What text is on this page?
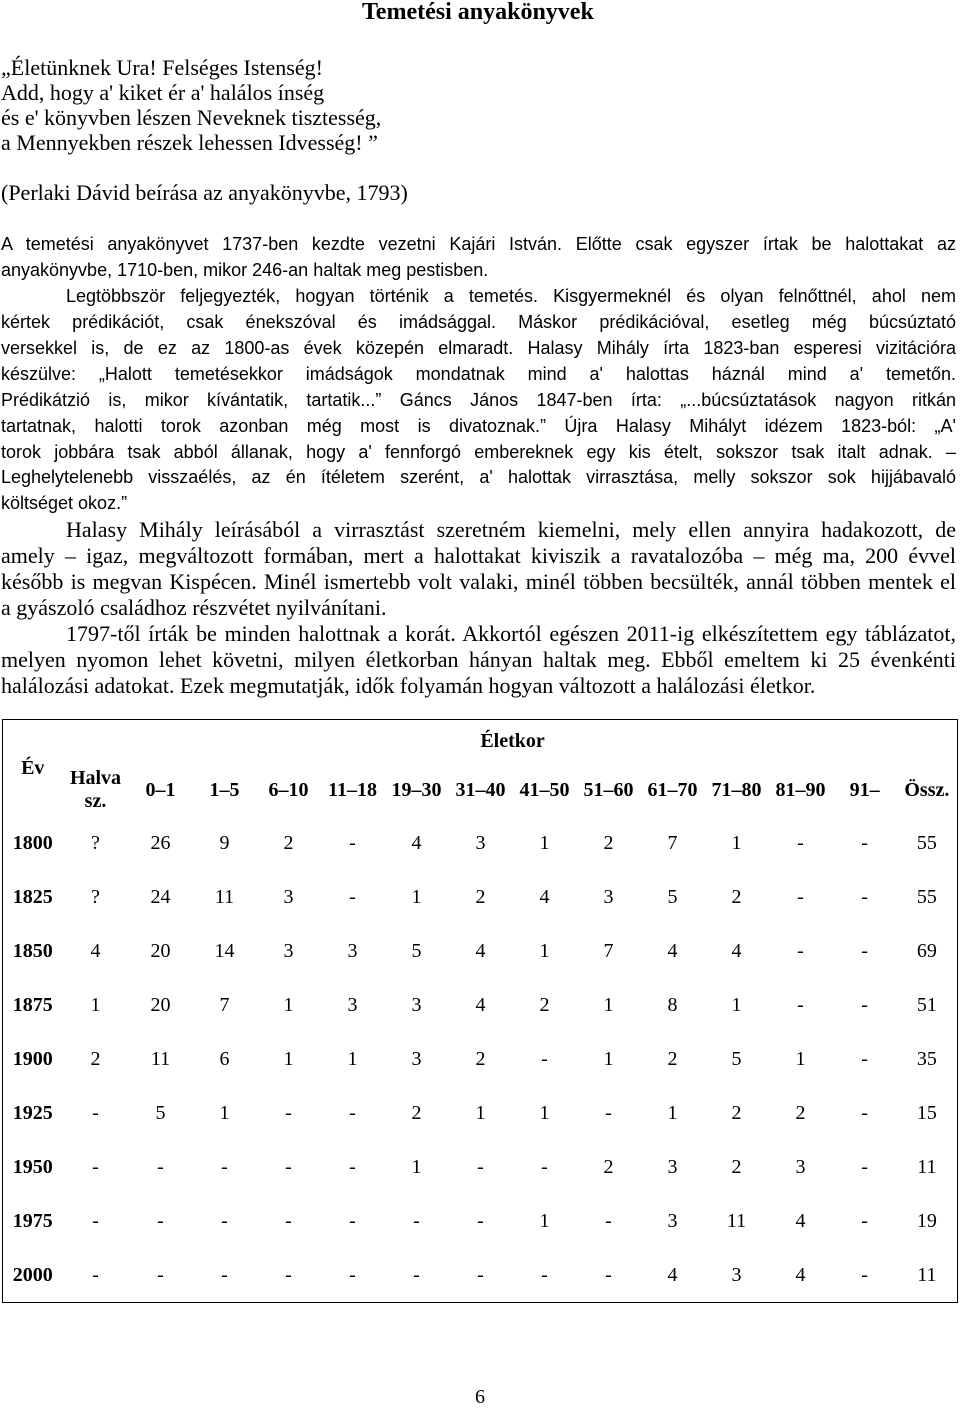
Temetési anyakönyvek
„Életünknek Ura! Felséges Istenség!
Add, hogy a' kiket ér a' halálos ínség
és e' könyvben lészen Neveknek tisztesség,
a Mennyekben részek lehessen Idvesség! ”
(Perlaki Dávid beírása az anyakönyvbe, 1793)
A temetési anyakönyvet 1737-ben kezdte vezetni Kajári István. Előtte csak egyszer írtak be halottakat az
anyakönyvbe, 1710-ben, mikor 246-an haltak meg pestisben.
Legtöbbször feljegyezték, hogyan történik a temetés. Kisgyermeknél és olyan felnőttnél, ahol nem
kértek prédikációt, csak énekszóval és imádsággal. Máskor prédikációval, esetleg még búcsúztató
versekkel is, de ez az 1800-as évek közepén elmaradt. Halasy Mihály írta 1823-ban esperesi vizitációra
készülve: „Halott temetésekkor imádságok mondatnak mind a' halottas háznál mind a' temetőn.
Prédikátzió is, mikor kívántatik, tartatik...” Gáncs János 1847-ben írta: „...búcsúztatások nagyon ritkán
tartatnak, halotti torok azonban még most is divatoznak.” Újra Halasy Mihályt idézem 1823-ból: „A'
torok jobbára tsak abból állanak, hogy a' fennforgó embereknek egy kis ételt, sokszor tsak italt adnak. –
Leghelytelenebb visszaélés, az én ítéletem szerént, a' halottak virrasztása, melly sokszor sok hijjábavaló
költséget okoz.”
Halasy Mihály leírásából a virrasztást szeretném kiemelni, mely ellen annyira hadakozott, de
amely – igaz, megváltozott formában, mert a halottakat kiviszik a ravatalozóba – még ma, 200 évvel
később is megvan Kispécen. Minél ismertebb volt valaki, minél többen becsülték, annál többen mentek el
a gyászoló családhoz részvétet nyilvánítani.
1797-től írták be minden halottnak a korát. Akkortól egészen 2011-ig elkészítettem egy táblázatot,
melyen nyomon lehet követni, milyen életkorban hányan haltak meg. Ebből emeltem ki 25 évenkénti
halálozási adatokat. Ezek megmutatják, idők folyamán hogyan változott a halálozási életkor.
Év		Életkor												
	Halva sz.	0–1	1–5	6–10	11–18	19–30	31–40	41–50	51–60	61–70	71–80	81–90	91–	Össz.
1800	?	26	9	2	-	4	3	1	2	7	1	-	-	55
1825	?	24	11	3	-	1	2	4	3	5	2	-	-	55
1850	4	20	14	3	3	5	4	1	7	4	4	-	-	69
1875	1	20	7	1	3	3	4	2	1	8	1	-	-	51
1900	2	11	6	1	1	3	2	-	1	2	5	1	-	35
1925	-	5	1	-	-	2	1	1	-	1	2	2	-	15
1950	-	-	-	-	-	1	-	-	2	3	2	3	-	11
1975	-	-	-	-	-	-	-	1	-	3	11	4	-	19
2000	-	-	-	-	-	-	-	-	-	4	3	4	-	11
6
